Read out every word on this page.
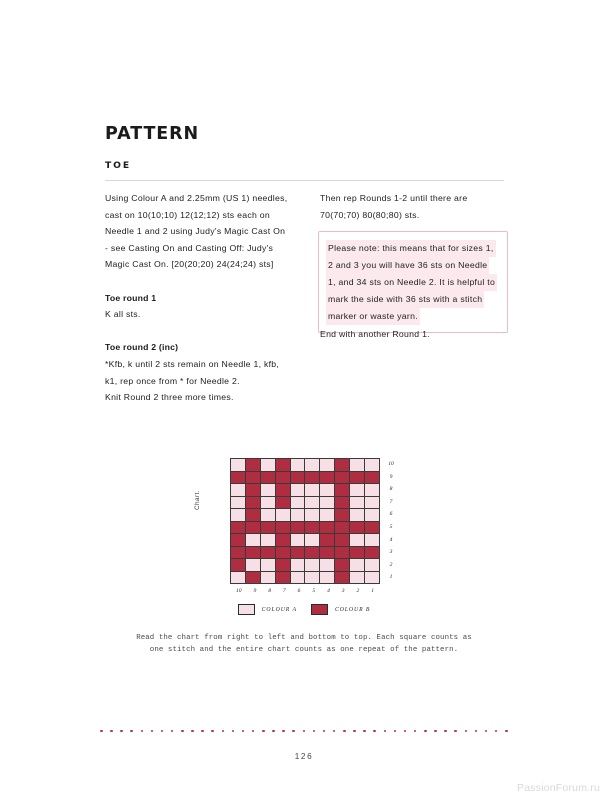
PATTERN
TOE
Using Colour A and 2.25mm (US 1) needles, cast on 10(10;10) 12(12;12) sts each on Needle 1 and 2 using Judy's Magic Cast On - see Casting On and Casting Off: Judy's Magic Cast On. [20(20;20) 24(24;24) sts]
Toe round 1
K all sts.
Toe round 2 (inc)
*Kfb, k until 2 sts remain on Needle 1, kfb, k1, rep once from * for Needle 2.
Knit Round 2 three more times.
Then rep Rounds 1-2 until there are 70(70;70) 80(80;80) sts.
Please note: this means that for sizes 1,
2 and 3 you will have 36 sts on Needle
1, and 34 sts on Needle 2. It is helpful to
mark the side with 36 sts with a stitch
marker or waste yarn.
End with another Round 1.
Chart.
10
9
8
7
6
5
4
3
2
1
10 9 8 7 6 5 4 3 2 1
COLOUR A	COLOUR B
Read the chart from right to left and bottom to top. Each square counts as one stitch and the entire chart counts as one repeat of the pattern.
126
PassionForum.ru
